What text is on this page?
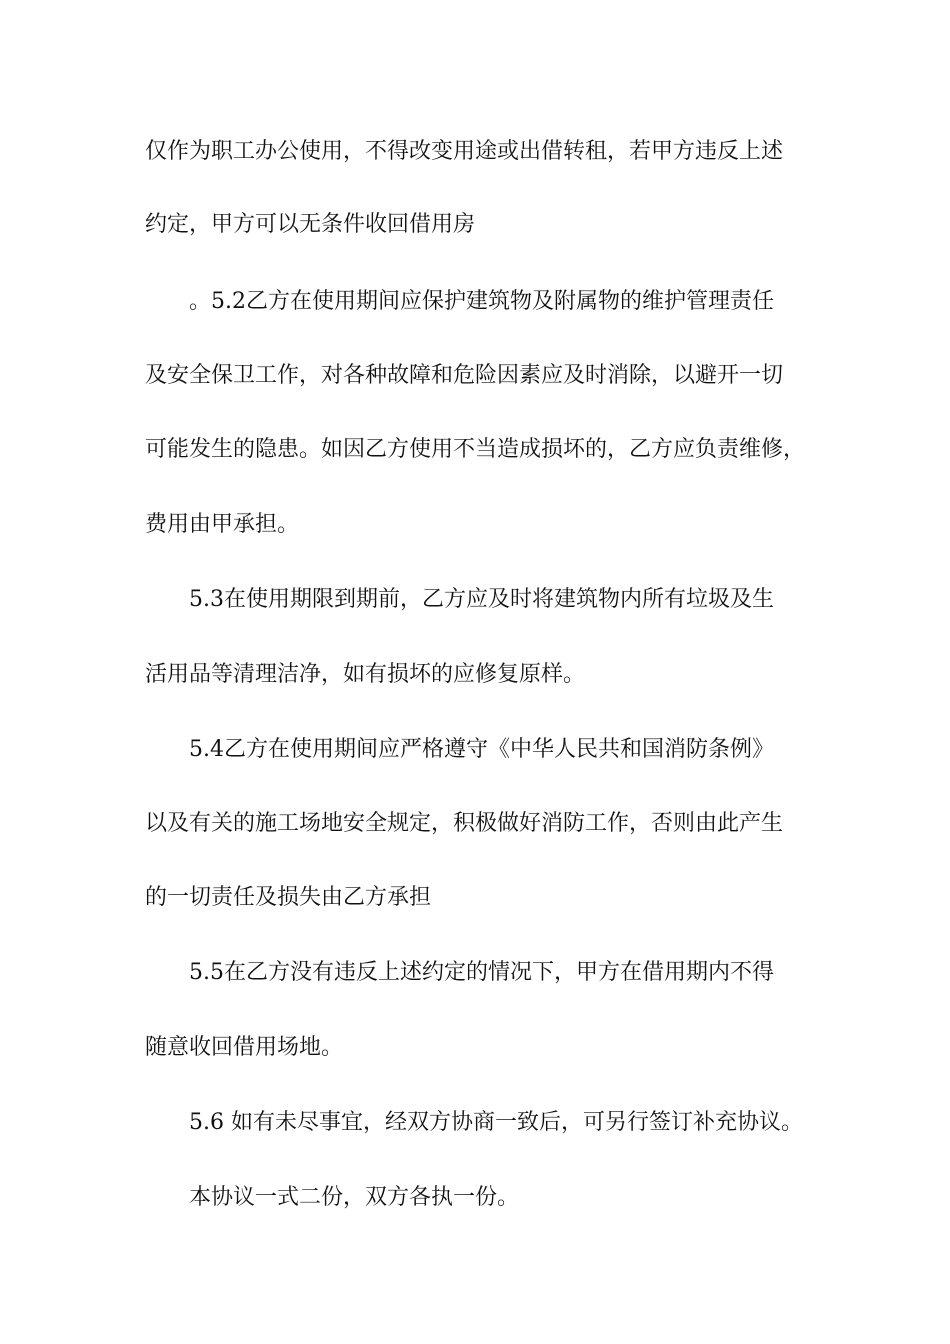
仅作为职工办公使用，不得改变用途或出借转租，若甲方违反上述

约定，甲方可以无条件收回借用房

。5.2乙方在使用期间应保护建筑物及附属物的维护管理责任

及安全保卫工作，对各种故障和危险因素应及时消除，以避开一切

可能发生的隐患。如因乙方使用不当造成损坏的，乙方应负责维修，

费用由甲承担。

5.3在使用期限到期前，乙方应及时将建筑物内所有垃圾及生

活用品等清理洁净，如有损坏的应修复原样。

5.4乙方在使用期间应严格遵守《中华人民共和国消防条例》

以及有关的施工场地安全规定，积极做好消防工作，否则由此产生

的一切责任及损失由乙方承担

5.5在乙方没有违反上述约定的情况下，甲方在借用期内不得

随意收回借用场地。

5.6 如有未尽事宜，经双方协商一致后，可另行签订补充协议。

本协议一式二份，双方各执一份。
